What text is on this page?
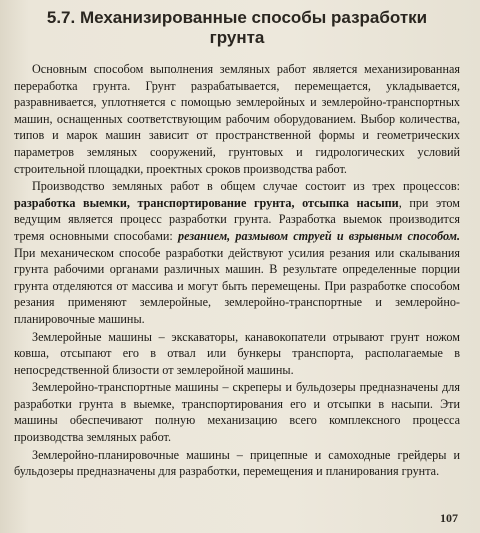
5.7. Механизированные способы разработки
грунта

Основным способом выполнения земляных работ является механизированная переработка грунта. Грунт разрабатывается, перемещается, укладывается, разравнивается, уплотняется с помощью землеройных и землеройно-транспортных машин, оснащенных соответствующим рабочим оборудованием. Выбор количества, типов и марок машин зависит от пространственной формы и геометрических параметров земляных сооружений, грунтовых и гидрологических условий строительной площадки, проектных сроков производства работ.

Производство земляных работ в общем случае состоит из трех процессов: разработка выемки, транспортирование грунта, отсыпка насыпи, при этом ведущим является процесс разработки грунта. Разработка выемок производится тремя основными способами: резанием, размывом струей и взрывным способом. При механическом способе разработки действуют усилия резания или скалывания грунта рабочими органами различных машин. В результате определенные порции грунта отделяются от массива и могут быть перемещены. При разработке способом резания применяют землеройные, землеройно-транспортные и землеройно-планировочные машины.

Землеройные машины – экскаваторы, канавокопатели отрывают грунт ножом ковша, отсыпают его в отвал или бункеры транспорта, располагаемые в непосредственной близости от землеройной машины.

Землеройно-транспортные машины – скреперы и бульдозеры предназначены для разработки грунта в выемке, транспортирования его и отсыпки в насыпи. Эти машины обеспечивают полную механизацию всего комплексного процесса производства земляных работ.

Землеройно-планировочные машины – прицепные и самоходные грейдеры и бульдозеры предназначены для разработки, перемещения и планирования грунта.

107
